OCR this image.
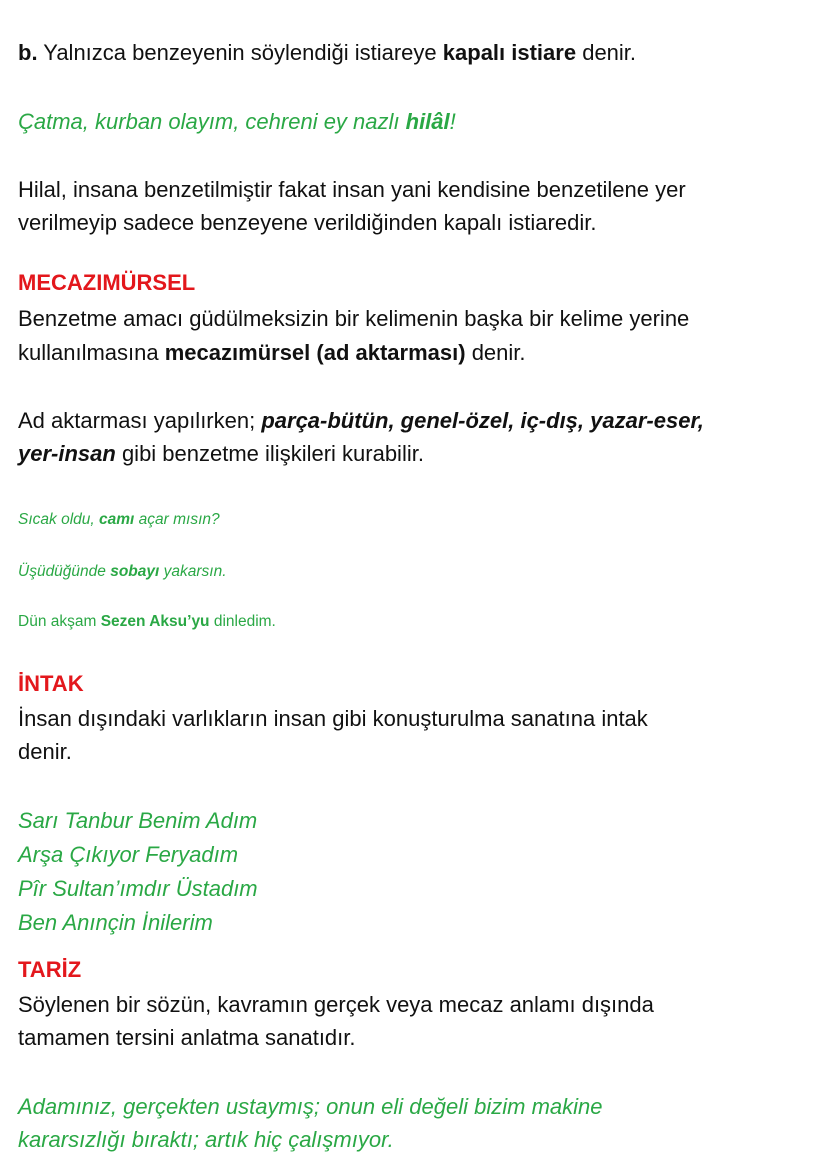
b. Yalnızca benzeyenin söylendiği istiareye kapalı istiare denir.
Çatma, kurban olayım, cehreni ey nazlı hilâl!
Hilal, insana benzetilmiştir fakat insan yani kendisine benzetilene yer
verilmeyip sadece benzeyene verildiğinden kapalı istiaredir.
MECAZIMÜRSEL
Benzetme amacı güdülmeksizin bir kelimenin başka bir kelime yerine
kullanılmasına mecazımürsel (ad aktarması) denir.
Ad aktarması yapılırken; parça-bütün, genel-özel, iç-dış, yazar-eser,
yer-insan gibi benzetme ilişkileri kurabilir.
Sıcak oldu, camı açar mısın?
Üşüdüğünde sobayı yakarsın.
Dün akşam Sezen Aksu’yu dinledim.
İNTAK
İnsan dışındaki varlıkların insan gibi konuşturulma sanatına intak
denir.
Sarı Tanbur Benim Adım
Arşa Çıkıyor Feryadım
Pîr Sultan’ımdır Üstadım
Ben Anınçin İnilerim
TARİZ
Söylenen bir sözün, kavramın gerçek veya mecaz anlamı dışında
tamamen tersini anlatma sanatıdır.
Adamınız, gerçekten ustaymış; onun eli değeli bizim makine
kararsızlığı bıraktı; artık hiç çalışmıyor.
